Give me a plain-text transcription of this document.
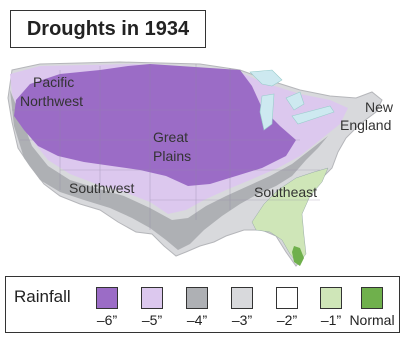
Droughts in 1934
Pacific Northwest
Great Plains
Southwest	Southeast
New England
Rainfall
–6”	–5”	–4”	–3”	–2”	–1” Normal
